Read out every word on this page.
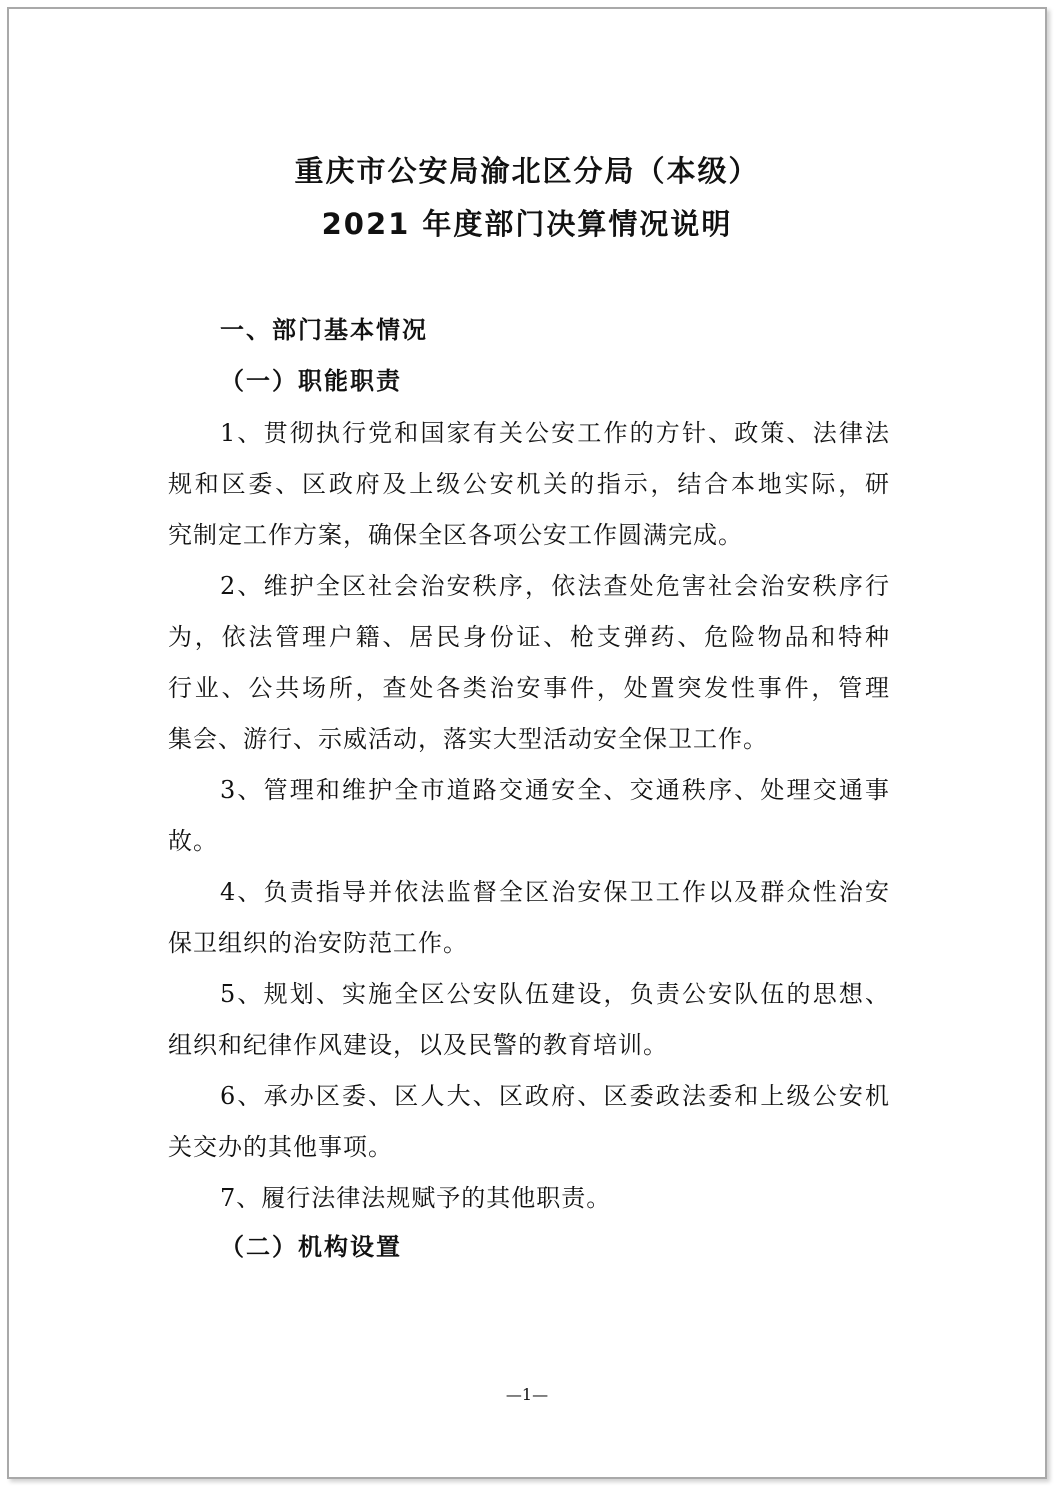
重庆市公安局渝北区分局（本级）
2021 年度部门决算情况说明
一、部门基本情况
（一）职能职责
1、贯彻执行党和国家有关公安工作的方针、政策、法律法
规和区委、区政府及上级公安机关的指示，结合本地实际，研
究制定工作方案，确保全区各项公安工作圆满完成。
2、维护全区社会治安秩序，依法查处危害社会治安秩序行
为，依法管理户籍、居民身份证、枪支弹药、危险物品和特种
行业、公共场所，查处各类治安事件，处置突发性事件，管理
集会、游行、示威活动，落实大型活动安全保卫工作。
3、管理和维护全市道路交通安全、交通秩序、处理交通事
故。
4、负责指导并依法监督全区治安保卫工作以及群众性治安
保卫组织的治安防范工作。
5、规划、实施全区公安队伍建设，负责公安队伍的思想、
组织和纪律作风建设，以及民警的教育培训。
6、承办区委、区人大、区政府、区委政法委和上级公安机
关交办的其他事项。
7、履行法律法规赋予的其他职责。
（二）机构设置
—1—
